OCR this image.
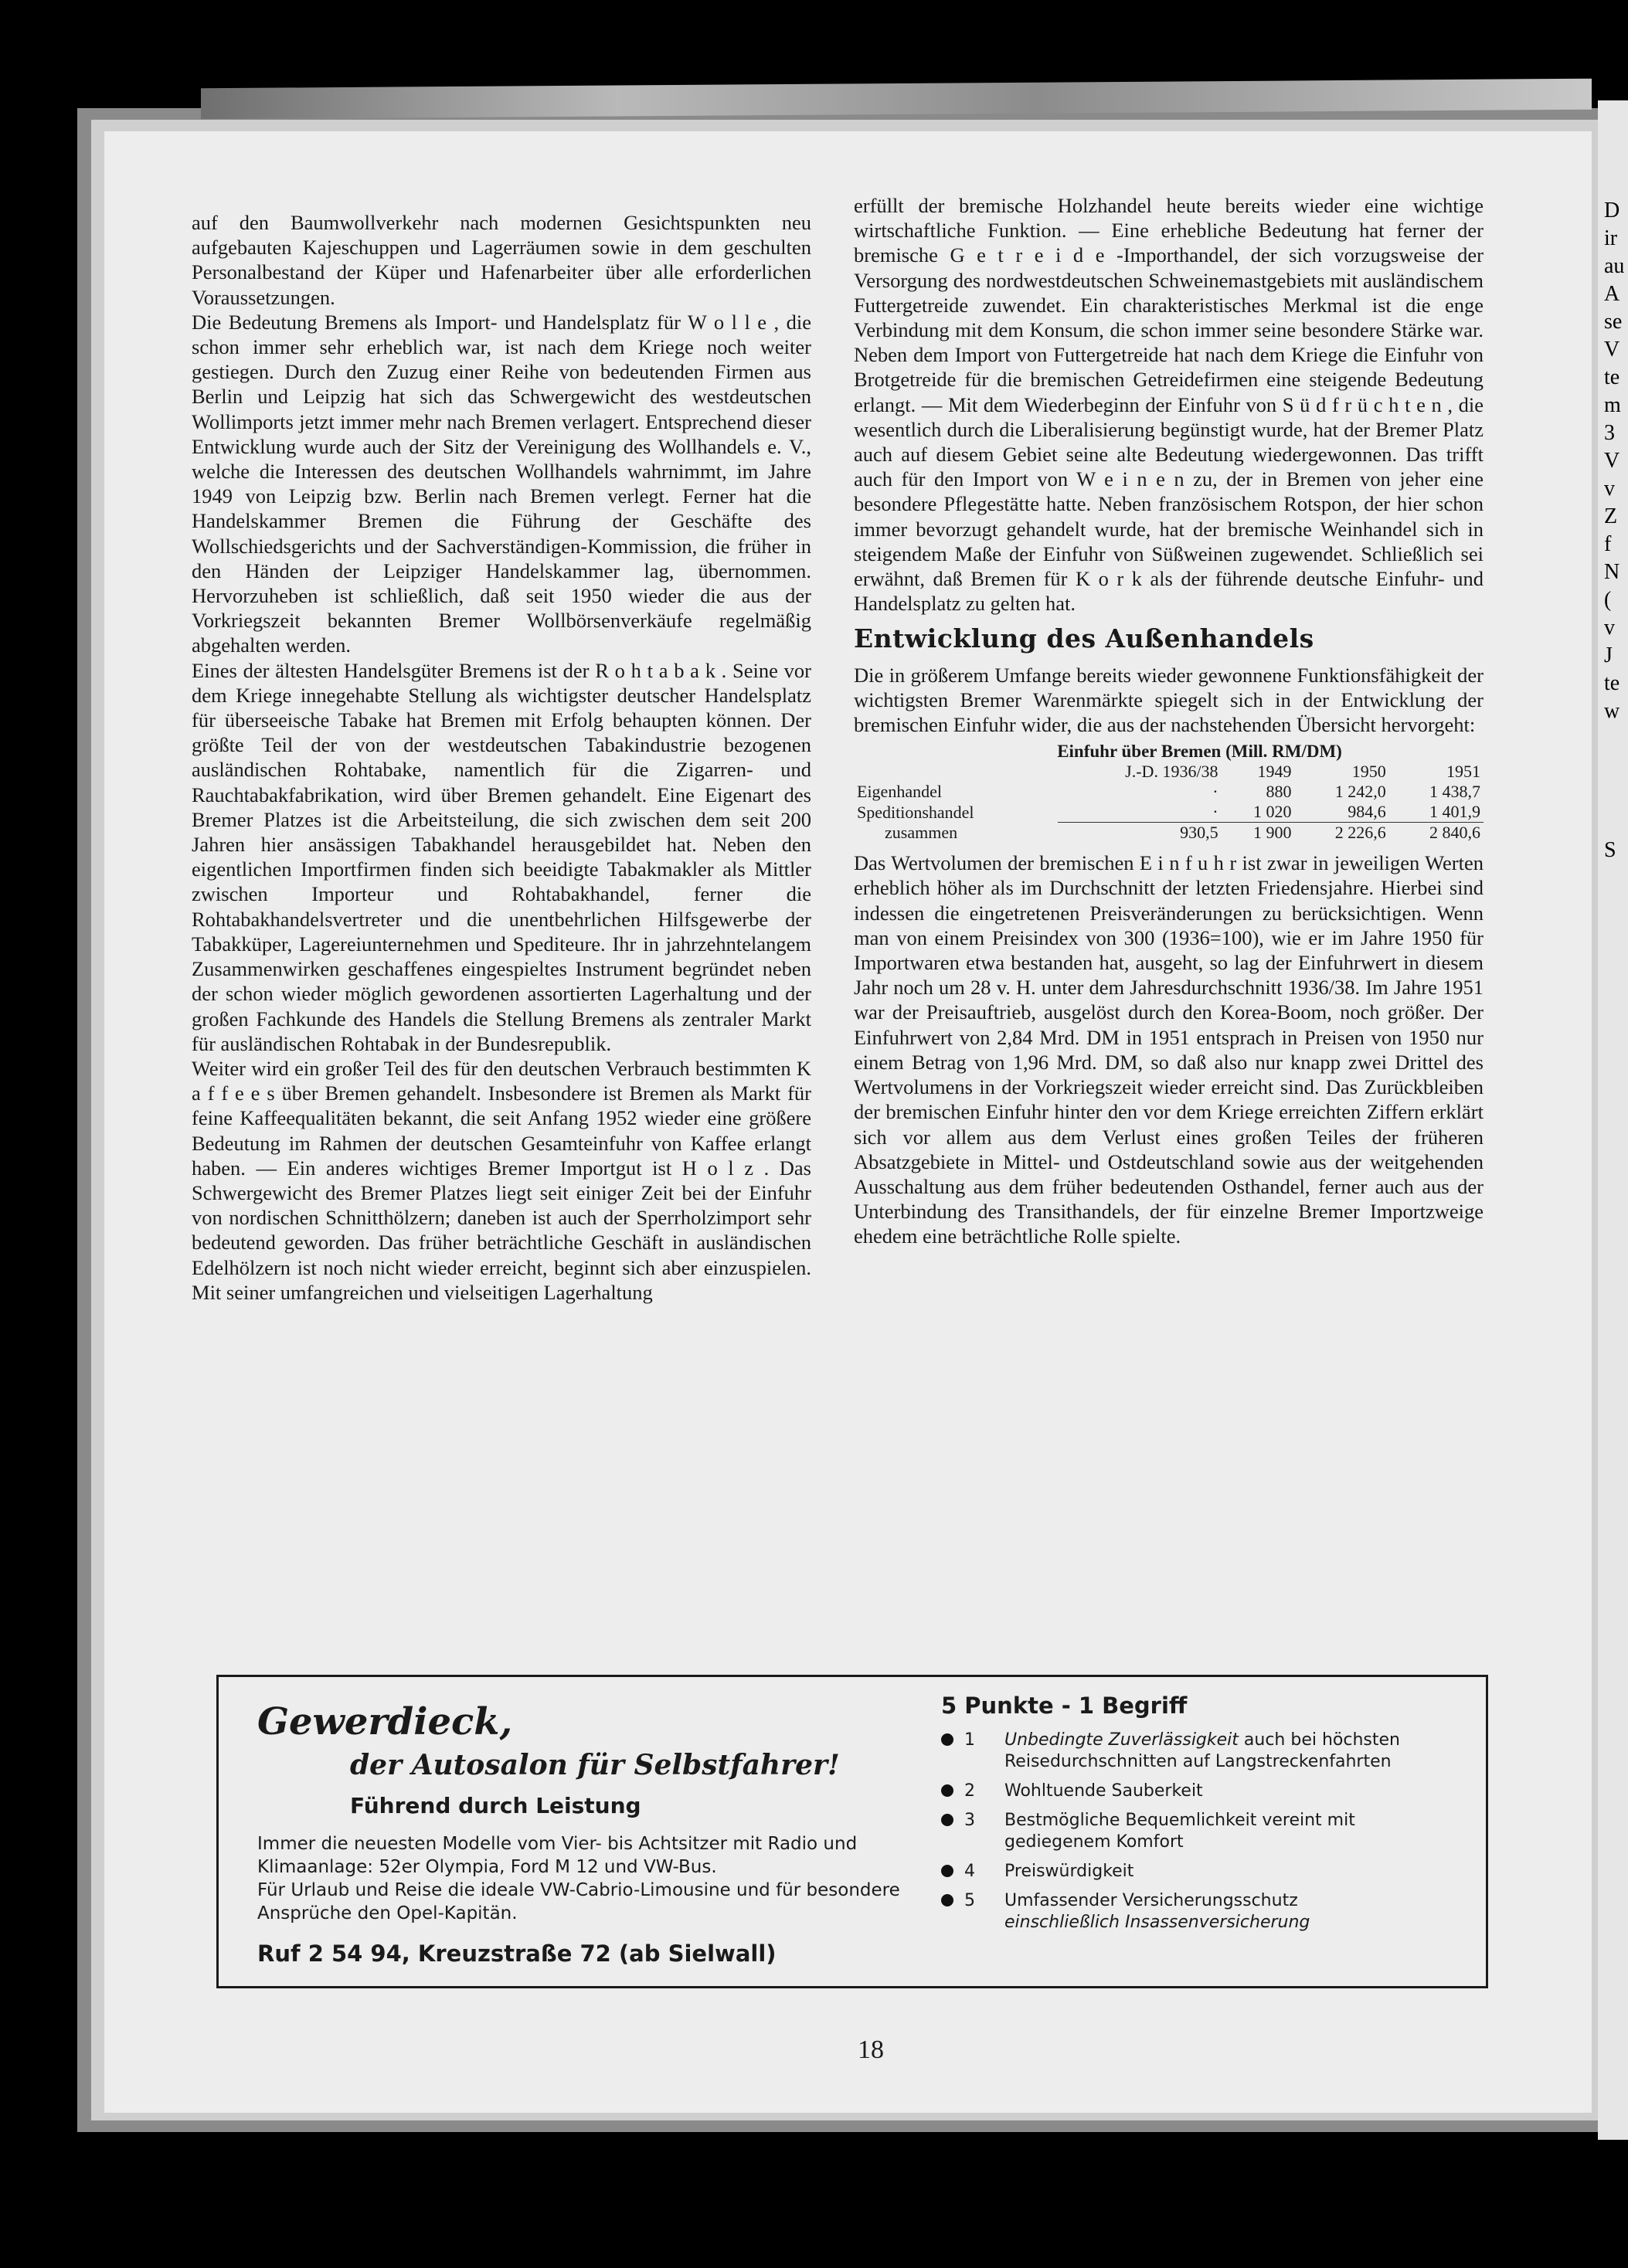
D
ir
au
A
se
V
te
m
3
V
v
Z
f
N
(
v
J
te
w
S

auf den Baumwollverkehr nach modernen Gesichtspunkten neu aufgebauten Kajeschuppen und Lagerräumen sowie in dem geschulten Personalbestand der Küper und Hafenarbeiter über alle erforderlichen Voraussetzungen.

Die Bedeutung Bremens als Import- und Handelsplatz für W o l l e , die schon immer sehr erheblich war, ist nach dem Kriege noch weiter gestiegen. Durch den Zuzug einer Reihe von bedeutenden Firmen aus Berlin und Leipzig hat sich das Schwergewicht des westdeutschen Wollimports jetzt immer mehr nach Bremen verlagert. Entsprechend dieser Entwicklung wurde auch der Sitz der Vereinigung des Wollhandels e. V., welche die Interessen des deutschen Wollhandels wahrnimmt, im Jahre 1949 von Leipzig bzw. Berlin nach Bremen verlegt. Ferner hat die Handelskammer Bremen die Führung der Geschäfte des Wollschiedsgerichts und der Sachverständigen-Kommission, die früher in den Händen der Leipziger Handelskammer lag, übernommen. Hervorzuheben ist schließlich, daß seit 1950 wieder die aus der Vorkriegszeit bekannten Bremer Wollbörsenverkäufe regelmäßig abgehalten werden.

Eines der ältesten Handelsgüter Bremens ist der R o h t a b a k . Seine vor dem Kriege innegehabte Stellung als wichtigster deutscher Handelsplatz für überseeische Tabake hat Bremen mit Erfolg behaupten können. Der größte Teil der von der westdeutschen Tabakindustrie bezogenen ausländischen Rohtabake, namentlich für die Zigarren- und Rauchtabakfabrikation, wird über Bremen gehandelt. Eine Eigenart des Bremer Platzes ist die Arbeitsteilung, die sich zwischen dem seit 200 Jahren hier ansässigen Tabakhandel herausgebildet hat. Neben den eigentlichen Importfirmen finden sich beeidigte Tabakmakler als Mittler zwischen Importeur und Rohtabakhandel, ferner die Rohtabakhandelsvertreter und die unentbehrlichen Hilfsgewerbe der Tabakküper, Lagereiunternehmen und Spediteure. Ihr in jahrzehntelangem Zusammenwirken geschaffenes eingespieltes Instrument begründet neben der schon wieder möglich gewordenen assortierten Lagerhaltung und der großen Fachkunde des Handels die Stellung Bremens als zentraler Markt für ausländischen Rohtabak in der Bundesrepublik.

Weiter wird ein großer Teil des für den deutschen Verbrauch bestimmten K a f f e e s über Bremen gehandelt. Insbesondere ist Bremen als Markt für feine Kaffeequalitäten bekannt, die seit Anfang 1952 wieder eine größere Bedeutung im Rahmen der deutschen Gesamteinfuhr von Kaffee erlangt haben. — Ein anderes wichtiges Bremer Importgut ist H o l z . Das Schwergewicht des Bremer Platzes liegt seit einiger Zeit bei der Einfuhr von nordischen Schnitthölzern; daneben ist auch der Sperrholzimport sehr bedeutend geworden. Das früher beträchtliche Geschäft in ausländischen Edelhölzern ist noch nicht wieder erreicht, beginnt sich aber einzuspielen. Mit seiner umfangreichen und vielseitigen Lagerhaltung

erfüllt der bremische Holzhandel heute bereits wieder eine wichtige wirtschaftliche Funktion. — Eine erhebliche Bedeutung hat ferner der bremische G e t r e i d e -Importhandel, der sich vorzugsweise der Versorgung des nordwestdeutschen Schweinemastgebiets mit ausländischem Futtergetreide zuwendet. Ein charakteristisches Merkmal ist die enge Verbindung mit dem Konsum, die schon immer seine besondere Stärke war. Neben dem Import von Futtergetreide hat nach dem Kriege die Einfuhr von Brotgetreide für die bremischen Getreidefirmen eine steigende Bedeutung erlangt. — Mit dem Wiederbeginn der Einfuhr von S ü d f r ü c h t e n , die wesentlich durch die Liberalisierung begünstigt wurde, hat der Bremer Platz auch auf diesem Gebiet seine alte Bedeutung wiedergewonnen. Das trifft auch für den Import von W e i n e n zu, der in Bremen von jeher eine besondere Pflegestätte hatte. Neben französischem Rotspon, der hier schon immer bevorzugt gehandelt wurde, hat der bremische Weinhandel sich in steigendem Maße der Einfuhr von Süßweinen zugewendet. Schließlich sei erwähnt, daß Bremen für K o r k als der führende deutsche Einfuhr- und Handelsplatz zu gelten hat.

Entwicklung des Außenhandels

Die in größerem Umfange bereits wieder gewonnene Funktionsfähigkeit der wichtigsten Bremer Warenmärkte spiegelt sich in der Entwicklung der bremischen Einfuhr wider, die aus der nachstehenden Übersicht hervorgeht:

Einfuhr über Bremen (Mill. RM/DM)
	J.-D. 1936/38	1949	1950	1951
Eigenhandel	·	880	1 242,0	1 438,7
Speditionshandel	·	1 020	984,6	1 401,9
zusammen	930,5	1 900	2 226,6	2 840,6

Das Wertvolumen der bremischen E i n f u h r ist zwar in jeweiligen Werten erheblich höher als im Durchschnitt der letzten Friedensjahre. Hierbei sind indessen die eingetretenen Preisveränderungen zu berücksichtigen. Wenn man von einem Preisindex von 300 (1936=100), wie er im Jahre 1950 für Importwaren etwa bestanden hat, ausgeht, so lag der Einfuhrwert in diesem Jahr noch um 28 v. H. unter dem Jahresdurchschnitt 1936/38. Im Jahre 1951 war der Preisauftrieb, ausgelöst durch den Korea-Boom, noch größer. Der Einfuhrwert von 2,84 Mrd. DM in 1951 entsprach in Preisen von 1950 nur einem Betrag von 1,96 Mrd. DM, so daß also nur knapp zwei Drittel des Wertvolumens in der Vorkriegszeit wieder erreicht sind. Das Zurückbleiben der bremischen Einfuhr hinter den vor dem Kriege erreichten Ziffern erklärt sich vor allem aus dem Verlust eines großen Teiles der früheren Absatzgebiete in Mittel- und Ostdeutschland sowie aus der weitgehenden Ausschaltung aus dem früher bedeutenden Osthandel, ferner auch aus der Unterbindung des Transithandels, der für einzelne Bremer Importzweige ehedem eine beträchtliche Rolle spielte.

Gewerdieck,
der Autosalon für Selbstfahrer!
Führend durch Leistung
Immer die neuesten Modelle vom Vier- bis Achtsitzer mit Radio und Klimaanlage: 52er Olympia, Ford M 12 und VW-Bus.
Für Urlaub und Reise die ideale VW-Cabrio-Limousine und für besondere Ansprüche den Opel-Kapitän.
Ruf 2 54 94, Kreuzstraße 72 (ab Sielwall)
5 Punkte - 1 Begriff
1 Unbedingte Zuverlässigkeit auch bei höchsten Reisedurchschnitten auf Langstreckenfahrten
2 Wohltuende Sauberkeit
3 Bestmögliche Bequemlichkeit vereint mit gediegenem Komfort
4 Preiswürdigkeit
5 Umfassender Versicherungsschutz
einschließlich Insassenversicherung
18
